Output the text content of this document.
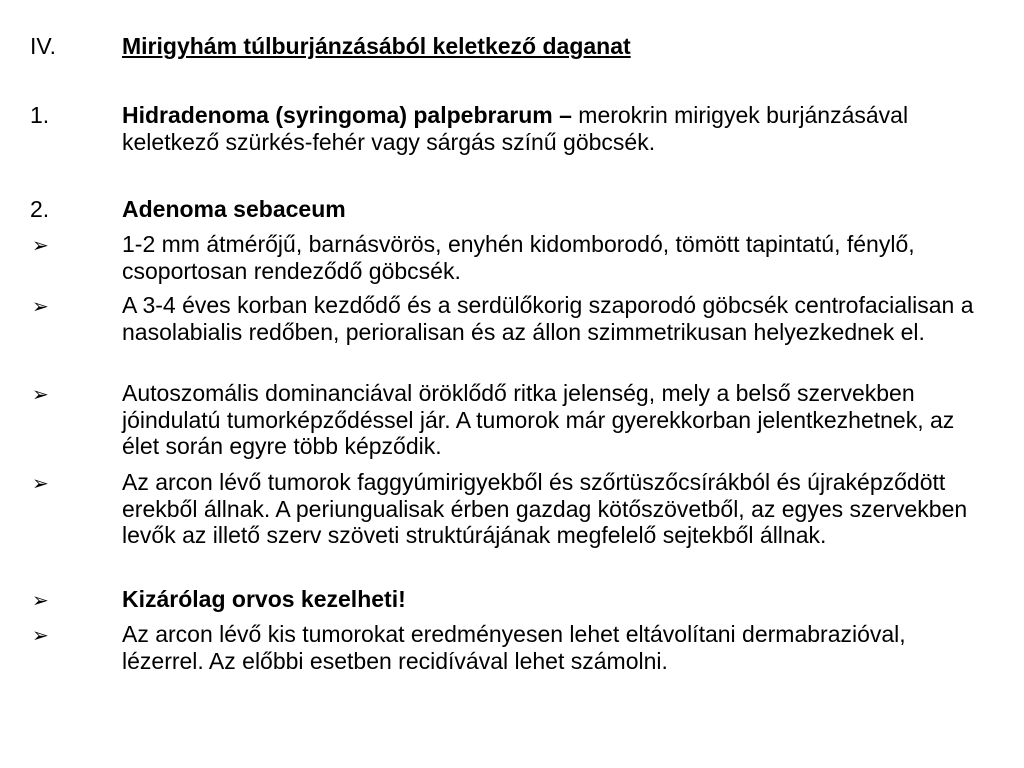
IV.	Mirigyhám túlburjánzásából keletkező daganat
1.	Hidradenoma (syringoma) palpebrarum – merokrin mirigyek burjánzásával keletkező szürkés-fehér vagy sárgás színű göbcsék.
2.	Adenoma sebaceum
➢	1-2 mm átmérőjű, barnásvörös, enyhén kidomborodó, tömött tapintatú, fénylő, csoportosan rendeződő göbcsék.
➢	A 3-4 éves korban kezdődő és a serdülőkorig szaporodó göbcsék centrofacialisan a nasolabialis redőben, perioralisan és az állon szimmetrikusan helyezkednek el.
➢	Autoszomális dominanciával öröklődő ritka jelenség, mely a belső szervekben jóindulatú tumorképződéssel jár. A tumorok már gyerekkorban jelentkezhetnek, az élet során egyre több képződik.
➢	Az arcon lévő tumorok faggyúmirigyekből és szőrtüszőcsírákból és újraképződött erekből állnak. A periungualisak érben gazdag kötőszövetből, az egyes szervekben levők az illető szerv szöveti struktúrájának megfelelő sejtekből állnak.
➢	Kizárólag orvos kezelheti!
➢	Az arcon lévő kis tumorokat eredményesen lehet eltávolítani dermabrazióval, lézerrel. Az előbbi esetben recidívával lehet számolni.
